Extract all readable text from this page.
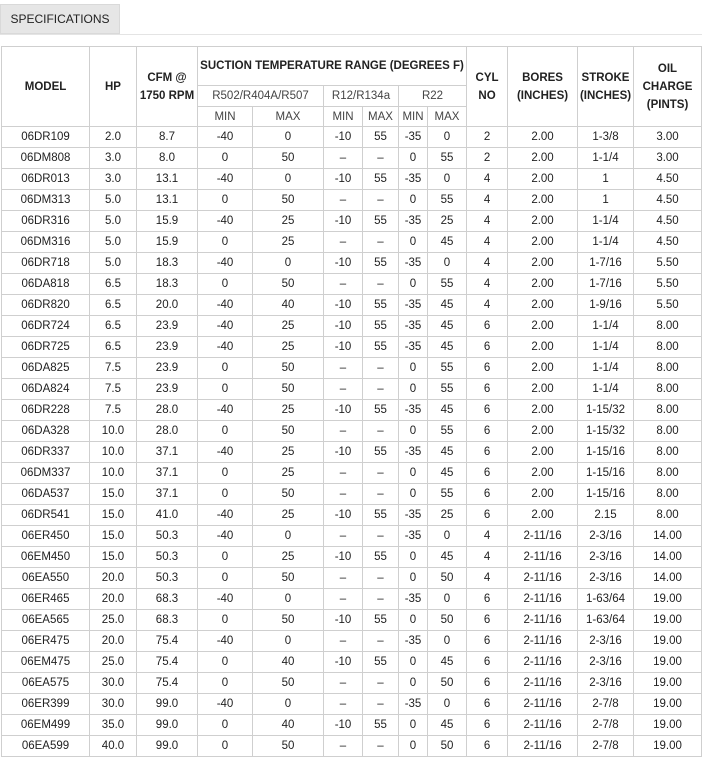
SPECIFICATIONS
MODEL	HP	CFM @ 1750 RPM	SUCTION TEMPERATURE RANGE (DEGREES F)						CYL NO	BORES (INCHES)	STROKE (INCHES)	OIL CHARGE (PINTS)
			R502/R404A/R507		R12/R134a		R22					
			MIN	MAX	MIN	MAX	MIN	MAX				
06DR109	2.0	8.7	-40	0	-10	55	-35	0	2	2.00	1-3/8	3.00
06DM808	3.0	8.0	0	50	–	–	0	55	2	2.00	1-1/4	3.00
06DR013	3.0	13.1	-40	0	-10	55	-35	0	4	2.00	1	4.50
06DM313	5.0	13.1	0	50	–	–	0	55	4	2.00	1	4.50
06DR316	5.0	15.9	-40	25	-10	55	-35	25	4	2.00	1-1/4	4.50
06DM316	5.0	15.9	0	25	–	–	0	45	4	2.00	1-1/4	4.50
06DR718	5.0	18.3	-40	0	-10	55	-35	0	4	2.00	1-7/16	5.50
06DA818	6.5	18.3	0	50	–	–	0	55	4	2.00	1-7/16	5.50
06DR820	6.5	20.0	-40	40	-10	55	-35	45	4	2.00	1-9/16	5.50
06DR724	6.5	23.9	-40	25	-10	55	-35	45	6	2.00	1-1/4	8.00
06DR725	6.5	23.9	-40	25	-10	55	-35	45	6	2.00	1-1/4	8.00
06DA825	7.5	23.9	0	50	–	–	0	55	6	2.00	1-1/4	8.00
06DA824	7.5	23.9	0	50	–	–	0	55	6	2.00	1-1/4	8.00
06DR228	7.5	28.0	-40	25	-10	55	-35	45	6	2.00	1-15/32	8.00
06DA328	10.0	28.0	0	50	–	–	0	55	6	2.00	1-15/32	8.00
06DR337	10.0	37.1	-40	25	-10	55	-35	45	6	2.00	1-15/16	8.00
06DM337	10.0	37.1	0	25	–	–	0	45	6	2.00	1-15/16	8.00
06DA537	15.0	37.1	0	50	–	–	0	55	6	2.00	1-15/16	8.00
06DR541	15.0	41.0	-40	25	-10	55	-35	25	6	2.00	2.15	8.00
06ER450	15.0	50.3	-40	0	–	–	-35	0	4	2-11/16	2-3/16	14.00
06EM450	15.0	50.3	0	25	-10	55	0	45	4	2-11/16	2-3/16	14.00
06EA550	20.0	50.3	0	50	–	–	0	50	4	2-11/16	2-3/16	14.00
06ER465	20.0	68.3	-40	0	–	–	-35	0	6	2-11/16	1-63/64	19.00
06EA565	25.0	68.3	0	50	-10	55	0	50	6	2-11/16	1-63/64	19.00
06ER475	20.0	75.4	-40	0	–	–	-35	0	6	2-11/16	2-3/16	19.00
06EM475	25.0	75.4	0	40	-10	55	0	45	6	2-11/16	2-3/16	19.00
06EA575	30.0	75.4	0	50	–	–	0	50	6	2-11/16	2-3/16	19.00
06ER399	30.0	99.0	-40	0	–	–	-35	0	6	2-11/16	2-7/8	19.00
06EM499	35.0	99.0	0	40	-10	55	0	45	6	2-11/16	2-7/8	19.00
06EA599	40.0	99.0	0	50	–	–	0	50	6	2-11/16	2-7/8	19.00
